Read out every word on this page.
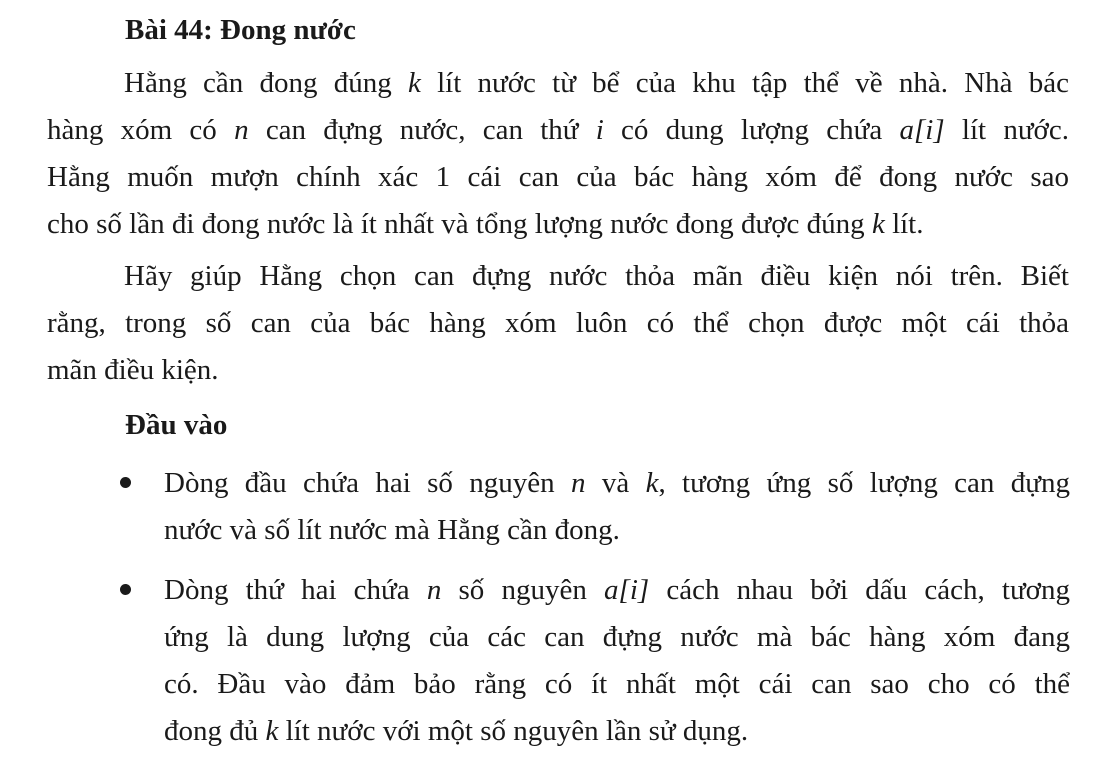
Bài 44: Đong nước
Hằng cần đong đúng k lít nước từ bể của khu tập thể về nhà. Nhà bác
hàng xóm có n can đựng nước, can thứ i có dung lượng chứa a[i] lít nước.
Hằng muốn mượn chính xác 1 cái can của bác hàng xóm để đong nước sao
cho số lần đi đong nước là ít nhất và tổng lượng nước đong được đúng k lít.
Hãy giúp Hằng chọn can đựng nước thỏa mãn điều kiện nói trên. Biết
rằng, trong số can của bác hàng xóm luôn có thể chọn được một cái thỏa
mãn điều kiện.
Đầu vào
Dòng đầu chứa hai số nguyên n và k, tương ứng số lượng can đựng
nước và số lít nước mà Hằng cần đong.
Dòng thứ hai chứa n số nguyên a[i] cách nhau bởi dấu cách, tương
ứng là dung lượng của các can đựng nước mà bác hàng xóm đang
có. Đầu vào đảm bảo rằng có ít nhất một cái can sao cho có thể
đong đủ k lít nước với một số nguyên lần sử dụng.
